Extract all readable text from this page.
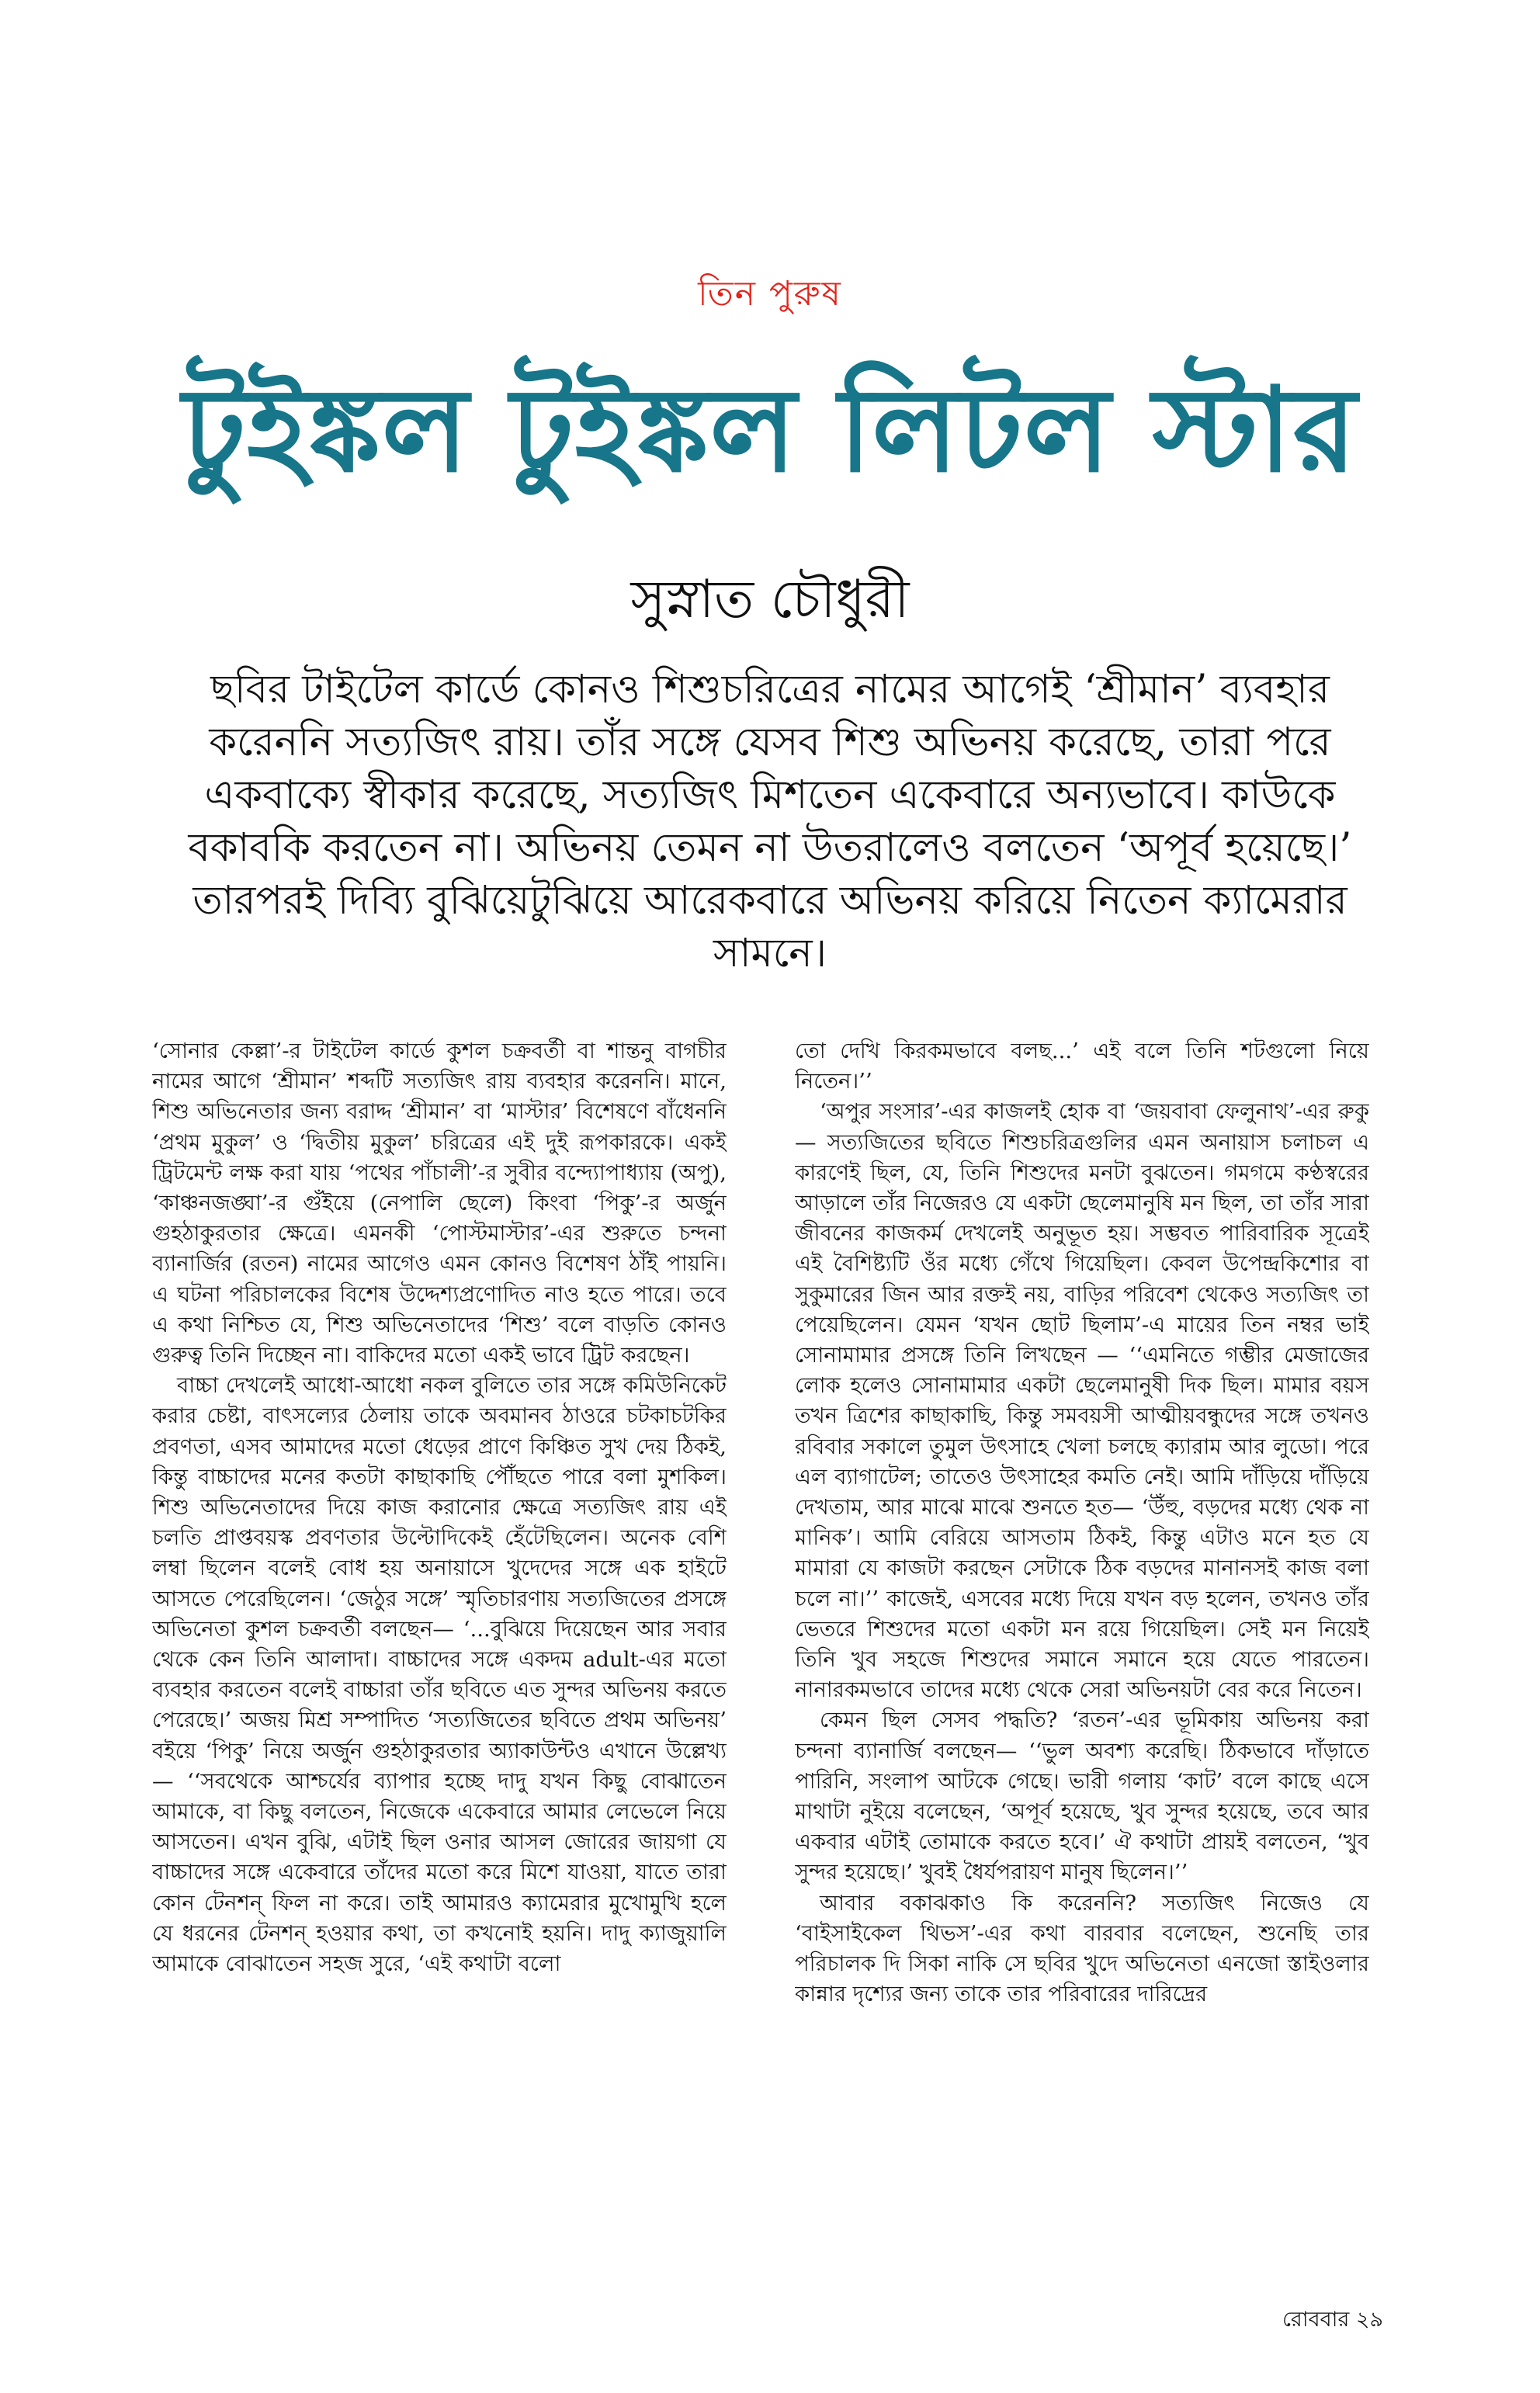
তিন পুরুষ
টুইঙ্কল টুইঙ্কল লিটল স্টার
সুস্নাত চৌধুরী
ছবির টাইটেল কার্ডে কোনও শিশুচরিত্রের নামের আগেই ‘শ্রীমান’ ব্যবহার করেননি সত্যজিৎ রায়। তাঁর সঙ্গে যেসব শিশু অভিনয় করেছে, তারা পরে একবাক্যে স্বীকার করেছে, সত্যজিৎ মিশতেন একেবারে অন্যভাবে। কাউকে বকাবকি করতেন না। অভিনয় তেমন না উতরালেও বলতেন ‘অপূর্ব হয়েছে।’ তারপরই দিব্যি বুঝিয়েটুঝিয়ে আরেকবারে অভিনয় করিয়ে নিতেন ক্যামেরার সামনে।

‘সোনার কেল্লা’-র টাইটেল কার্ডে কুশল চক্রবর্তী বা শান্তনু বাগচীর নামের আগে ‘শ্রীমান’ শব্দটি সত্যজিৎ রায় ব্যবহার করেননি। মানে, শিশু অভিনেতার জন্য বরাদ্দ ‘শ্রীমান’ বা ‘মাস্টার’ বিশেষণে বাঁধেননি ‘প্রথম মুকুল’ ও ‘দ্বিতীয় মুকুল’ চরিত্রের এই দুই রূপকারকে। একই ট্রিটমেন্ট লক্ষ করা যায় ‘পথের পাঁচালী’-র সুবীর বন্দ্যোপাধ্যায় (অপু), ‘কাঞ্চনজঙ্ঘা’-র গুঁইয়ে (নেপালি ছেলে) কিংবা ‘পিকু’-র অর্জুন গুহঠাকুরতার ক্ষেত্রে। এমনকী ‘পোস্টমাস্টার’-এর শুরুতে চন্দনা ব্যানার্জির (রতন) নামের আগেও এমন কোনও বিশেষণ ঠাঁই পায়নি। এ ঘটনা পরিচালকের বিশেষ উদ্দেশ্যপ্রণোদিত নাও হতে পারে। তবে এ কথা নিশ্চিত যে, শিশু অভিনেতাদের ‘শিশু’ বলে বাড়তি কোনও গুরুত্ব তিনি দিচ্ছেন না। বাকিদের মতো একই ভাবে ট্রিট করছেন।

বাচ্চা দেখলেই আধো-আধো নকল বুলিতে তার সঙ্গে কমিউনিকেট করার চেষ্টা, বাৎসল্যের ঠেলায় তাকে অবমানব ঠাওরে চটকাচটকির প্রবণতা, এসব আমাদের মতো ধেড়ের প্রাণে কিঞ্চিত সুখ দেয় ঠিকই, কিন্তু বাচ্চাদের মনের কতটা কাছাকাছি পৌঁছতে পারে বলা মুশকিল। শিশু অভিনেতাদের দিয়ে কাজ করানোর ক্ষেত্রে সত্যজিৎ রায় এই চলতি প্রাপ্তবয়স্ক প্রবণতার উল্টোদিকেই হেঁটেছিলেন। অনেক বেশি লম্বা ছিলেন বলেই বোধ হয় অনায়াসে খুদেদের সঙ্গে এক হাইটে আসতে পেরেছিলেন। ‘জেঠুর সঙ্গে’ স্মৃতিচারণায় সত্যজিতের প্রসঙ্গে অভিনেতা কুশল চক্রবর্তী বলছেন— ‘...বুঝিয়ে দিয়েছেন আর সবার থেকে কেন তিনি আলাদা। বাচ্চাদের সঙ্গে একদম adult-এর মতো ব্যবহার করতেন বলেই বাচ্চারা তাঁর ছবিতে এত সুন্দর অভিনয় করতে পেরেছে।’ অজয় মিশ্র সম্পাদিত ‘সত্যজিতের ছবিতে প্রথম অভিনয়’ বইয়ে ‘পিকু’ নিয়ে অর্জুন গুহঠাকুরতার অ্যাকাউন্টও এখানে উল্লেখ্য— ‘‘সবথেকে আশ্চর্যের ব্যাপার হচ্ছে দাদু যখন কিছু বোঝাতেন আমাকে, বা কিছু বলতেন, নিজেকে একেবারে আমার লেভেলে নিয়ে আসতেন। এখন বুঝি, এটাই ছিল ওনার আসল জোরের জায়গা যে বাচ্চাদের সঙ্গে একেবারে তাঁদের মতো করে মিশে যাওয়া, যাতে তারা কোন টেনশন্ ফিল না করে। তাই আমারও ক্যামেরার মুখোমুখি হলে যে ধরনের টেনশন্ হওয়ার কথা, তা কখনোই হয়নি। দাদু ক্যাজুয়ালি আমাকে বোঝাতেন সহজ সুরে, ‘এই কথাটা বলো

তো দেখি কিরকমভাবে বলছ...’ এই বলে তিনি শটগুলো নিয়ে নিতেন।’’

‘অপুর সংসার’-এর কাজলই হোক বা ‘জয়বাবা ফেলুনাথ’-এর রুকু— সত্যজিতের ছবিতে শিশুচরিত্রগুলির এমন অনায়াস চলাচল এ কারণেই ছিল, যে, তিনি শিশুদের মনটা বুঝতেন। গমগমে কণ্ঠস্বরের আড়ালে তাঁর নিজেরও যে একটা ছেলেমানুষি মন ছিল, তা তাঁর সারা জীবনের কাজকর্ম দেখলেই অনুভূত হয়। সম্ভবত পারিবারিক সূত্রেই এই বৈশিষ্ট্যটি ওঁর মধ্যে গেঁথে গিয়েছিল। কেবল উপেন্দ্রকিশোর বা সুকুমারের জিন আর রক্তই নয়, বাড়ির পরিবেশ থেকেও সত্যজিৎ তা পেয়েছিলেন। যেমন ‘যখন ছোট ছিলাম’-এ মায়ের তিন নম্বর ভাই সোনামামার প্রসঙ্গে তিনি লিখছেন — ‘‘এমনিতে গম্ভীর মেজাজের লোক হলেও সোনামামার একটা ছেলেমানুষী দিক ছিল। মামার বয়স তখন ত্রিশের কাছাকাছি, কিন্তু সমবয়সী আত্মীয়বন্ধুদের সঙ্গে তখনও রবিবার সকালে তুমুল উৎসাহে খেলা চলছে ক্যারাম আর লুডো। পরে এল ব্যাগাটেল; তাতেও উৎসাহের কমতি নেই। আমি দাঁড়িয়ে দাঁড়িয়ে দেখতাম, আর মাঝে মাঝে শুনতে হত— ‘উঁহু, বড়দের মধ্যে থেক না মানিক’। আমি বেরিয়ে আসতাম ঠিকই, কিন্তু এটাও মনে হত যে মামারা যে কাজটা করছেন সেটাকে ঠিক বড়দের মানানসই কাজ বলা চলে না।’’ কাজেই, এসবের মধ্যে দিয়ে যখন বড় হলেন, তখনও তাঁর ভেতরে শিশুদের মতো একটা মন রয়ে গিয়েছিল। সেই মন নিয়েই তিনি খুব সহজে শিশুদের সমানে সমানে হয়ে যেতে পারতেন। নানারকমভাবে তাদের মধ্যে থেকে সেরা অভিনয়টা বের করে নিতেন।

কেমন ছিল সেসব পদ্ধতি? ‘রতন’-এর ভূমিকায় অভিনয় করা চন্দনা ব্যানার্জি বলছেন— ‘‘ভুল অবশ্য করেছি। ঠিকভাবে দাঁড়াতে পারিনি, সংলাপ আটকে গেছে। ভারী গলায় ‘কাট’ বলে কাছে এসে মাথাটা নুইয়ে বলেছেন, ‘অপূর্ব হয়েছে, খুব সুন্দর হয়েছে, তবে আর একবার এটাই তোমাকে করতে হবে।’ ঐ কথাটা প্রায়ই বলতেন, ‘খুব সুন্দর হয়েছে।’ খুবই ধৈর্যপরায়ণ মানুষ ছিলেন।’’

আবার বকাঝকাও কি করেননি? সত্যজিৎ নিজেও যে ‘বাইসাইকেল থিভস’-এর কথা বারবার বলেছেন, শুনেছি তার পরিচালক দি সিকা নাকি সে ছবির খুদে অভিনেতা এনজো স্তাইওলার কান্নার দৃশ্যের জন্য তাকে তার পরিবারের দারিদ্রের

রোববার ২৯
